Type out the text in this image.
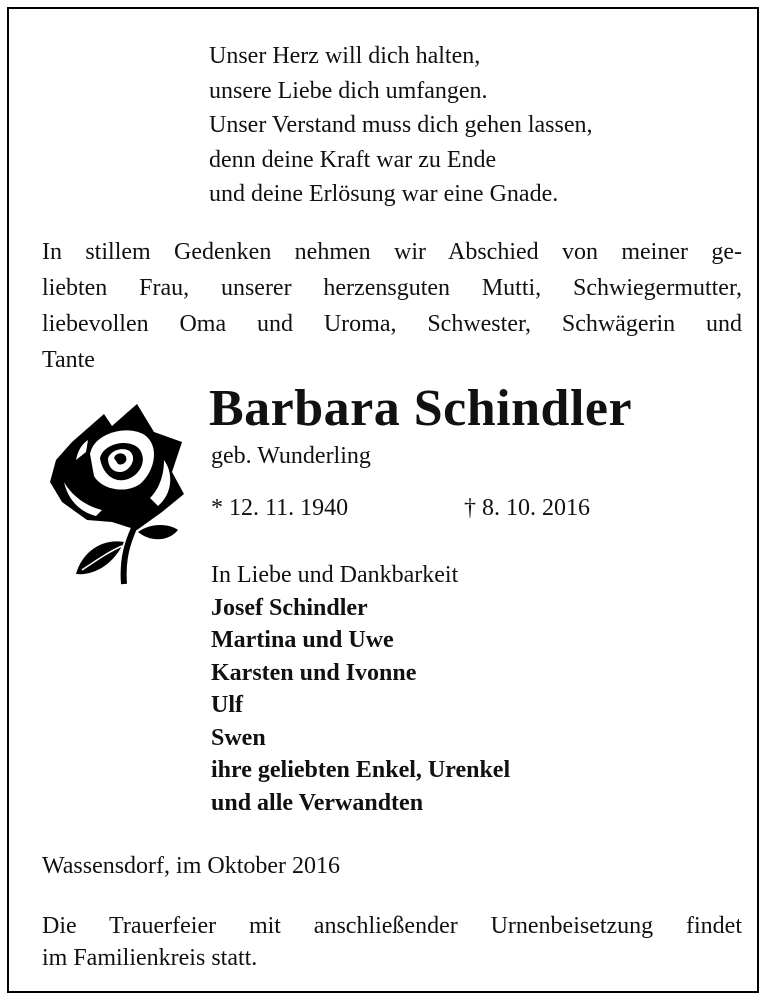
Unser Herz will dich halten,
unsere Liebe dich umfangen.
Unser Verstand muss dich gehen lassen,
denn deine Kraft war zu Ende
und deine Erlösung war eine Gnade.
In stillem Gedenken nehmen wir Abschied von meiner ge-
liebten Frau, unserer herzensguten Mutti, Schwiegermutter,
liebevollen Oma und Uroma, Schwester, Schwägerin und
Tante
Barbara Schindler
geb. Wunderling
* 12. 11. 1940	† 8. 10. 2016
In Liebe und Dankbarkeit
Josef Schindler
Martina und Uwe
Karsten und Ivonne
Ulf
Swen
ihre geliebten Enkel, Urenkel
und alle Verwandten
Wassensdorf, im Oktober 2016
Die Trauerfeier mit anschließender Urnenbeisetzung findet
im Familienkreis statt.
